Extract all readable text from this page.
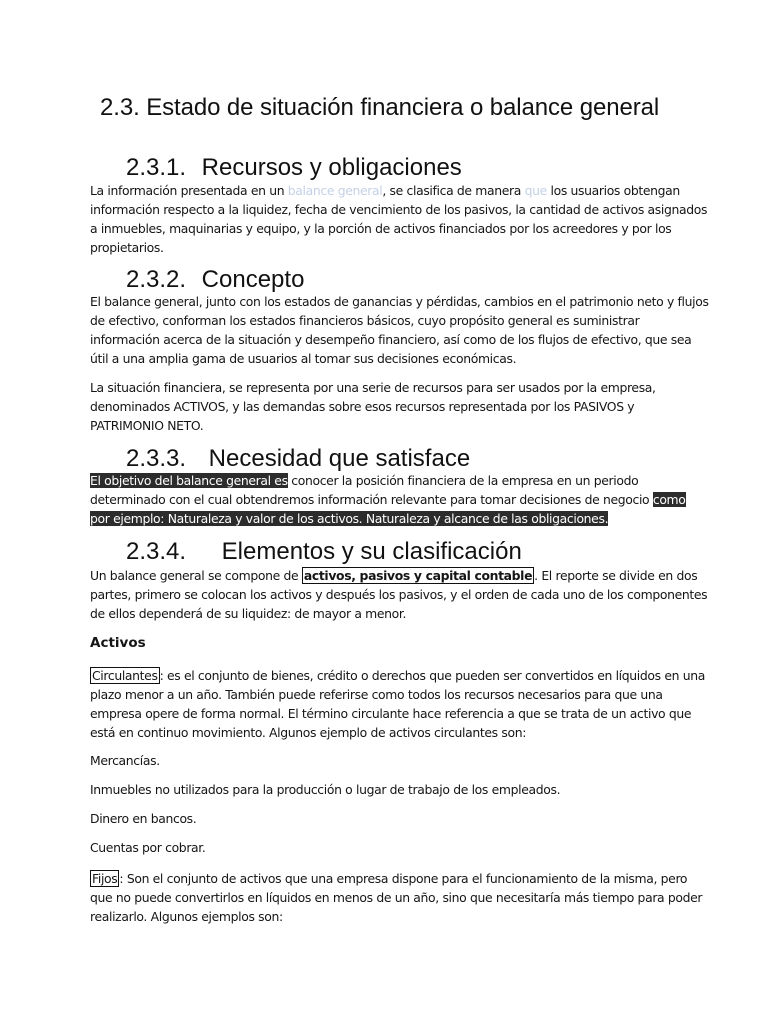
2.3. Estado de situación financiera o balance general
2.3.1. Recursos y obligaciones

La información presentada en un balance general, se clasifica de manera que los usuarios obtengan
información respecto a la liquidez, fecha de vencimiento de los pasivos, la cantidad de activos asignados
a inmuebles, maquinarias y equipo, y la porción de activos financiados por los acreedores y por los
propietarios.

2.3.2. Concepto

El balance general, junto con los estados de ganancias y pérdidas, cambios en el patrimonio neto y flujos
de efectivo, conforman los estados financieros básicos, cuyo propósito general es suministrar
información acerca de la situación y desempeño financiero, así como de los flujos de efectivo, que sea
útil a una amplia gama de usuarios al tomar sus decisiones económicas.

La situación financiera, se representa por una serie de recursos para ser usados por la empresa,
denominados ACTIVOS, y las demandas sobre esos recursos representada por los PASIVOS y
PATRIMONIO NETO.

2.3.3. Necesidad que satisface

El objetivo del balance general es conocer la posición financiera de la empresa en un periodo
determinado con el cual obtendremos información relevante para tomar decisiones de negocio como
por ejemplo: Naturaleza y valor de los activos. Naturaleza y alcance de las obligaciones.

2.3.4. Elementos y su clasificación

Un balance general se compone de activos, pasivos y capital contable . El reporte se divide en dos
partes, primero se colocan los activos y después los pasivos, y el orden de cada uno de los componentes
de ellos dependerá de su liquidez: de mayor a menor.

Activos

Circulantes : es el conjunto de bienes, crédito o derechos que pueden ser convertidos en líquidos en una
plazo menor a un año. También puede referirse como todos los recursos necesarios para que una
empresa opere de forma normal. El término circulante hace referencia a que se trata de un activo que
está en continuo movimiento. Algunos ejemplo de activos circulantes son:

Mercancías.

Inmuebles no utilizados para la producción o lugar de trabajo de los empleados.

Dinero en bancos.

Cuentas por cobrar.

Fijos : Son el conjunto de activos que una empresa dispone para el funcionamiento de la misma, pero
que no puede convertirlos en líquidos en menos de un año, sino que necesitaría más tiempo para poder
realizarlo. Algunos ejemplos son:
